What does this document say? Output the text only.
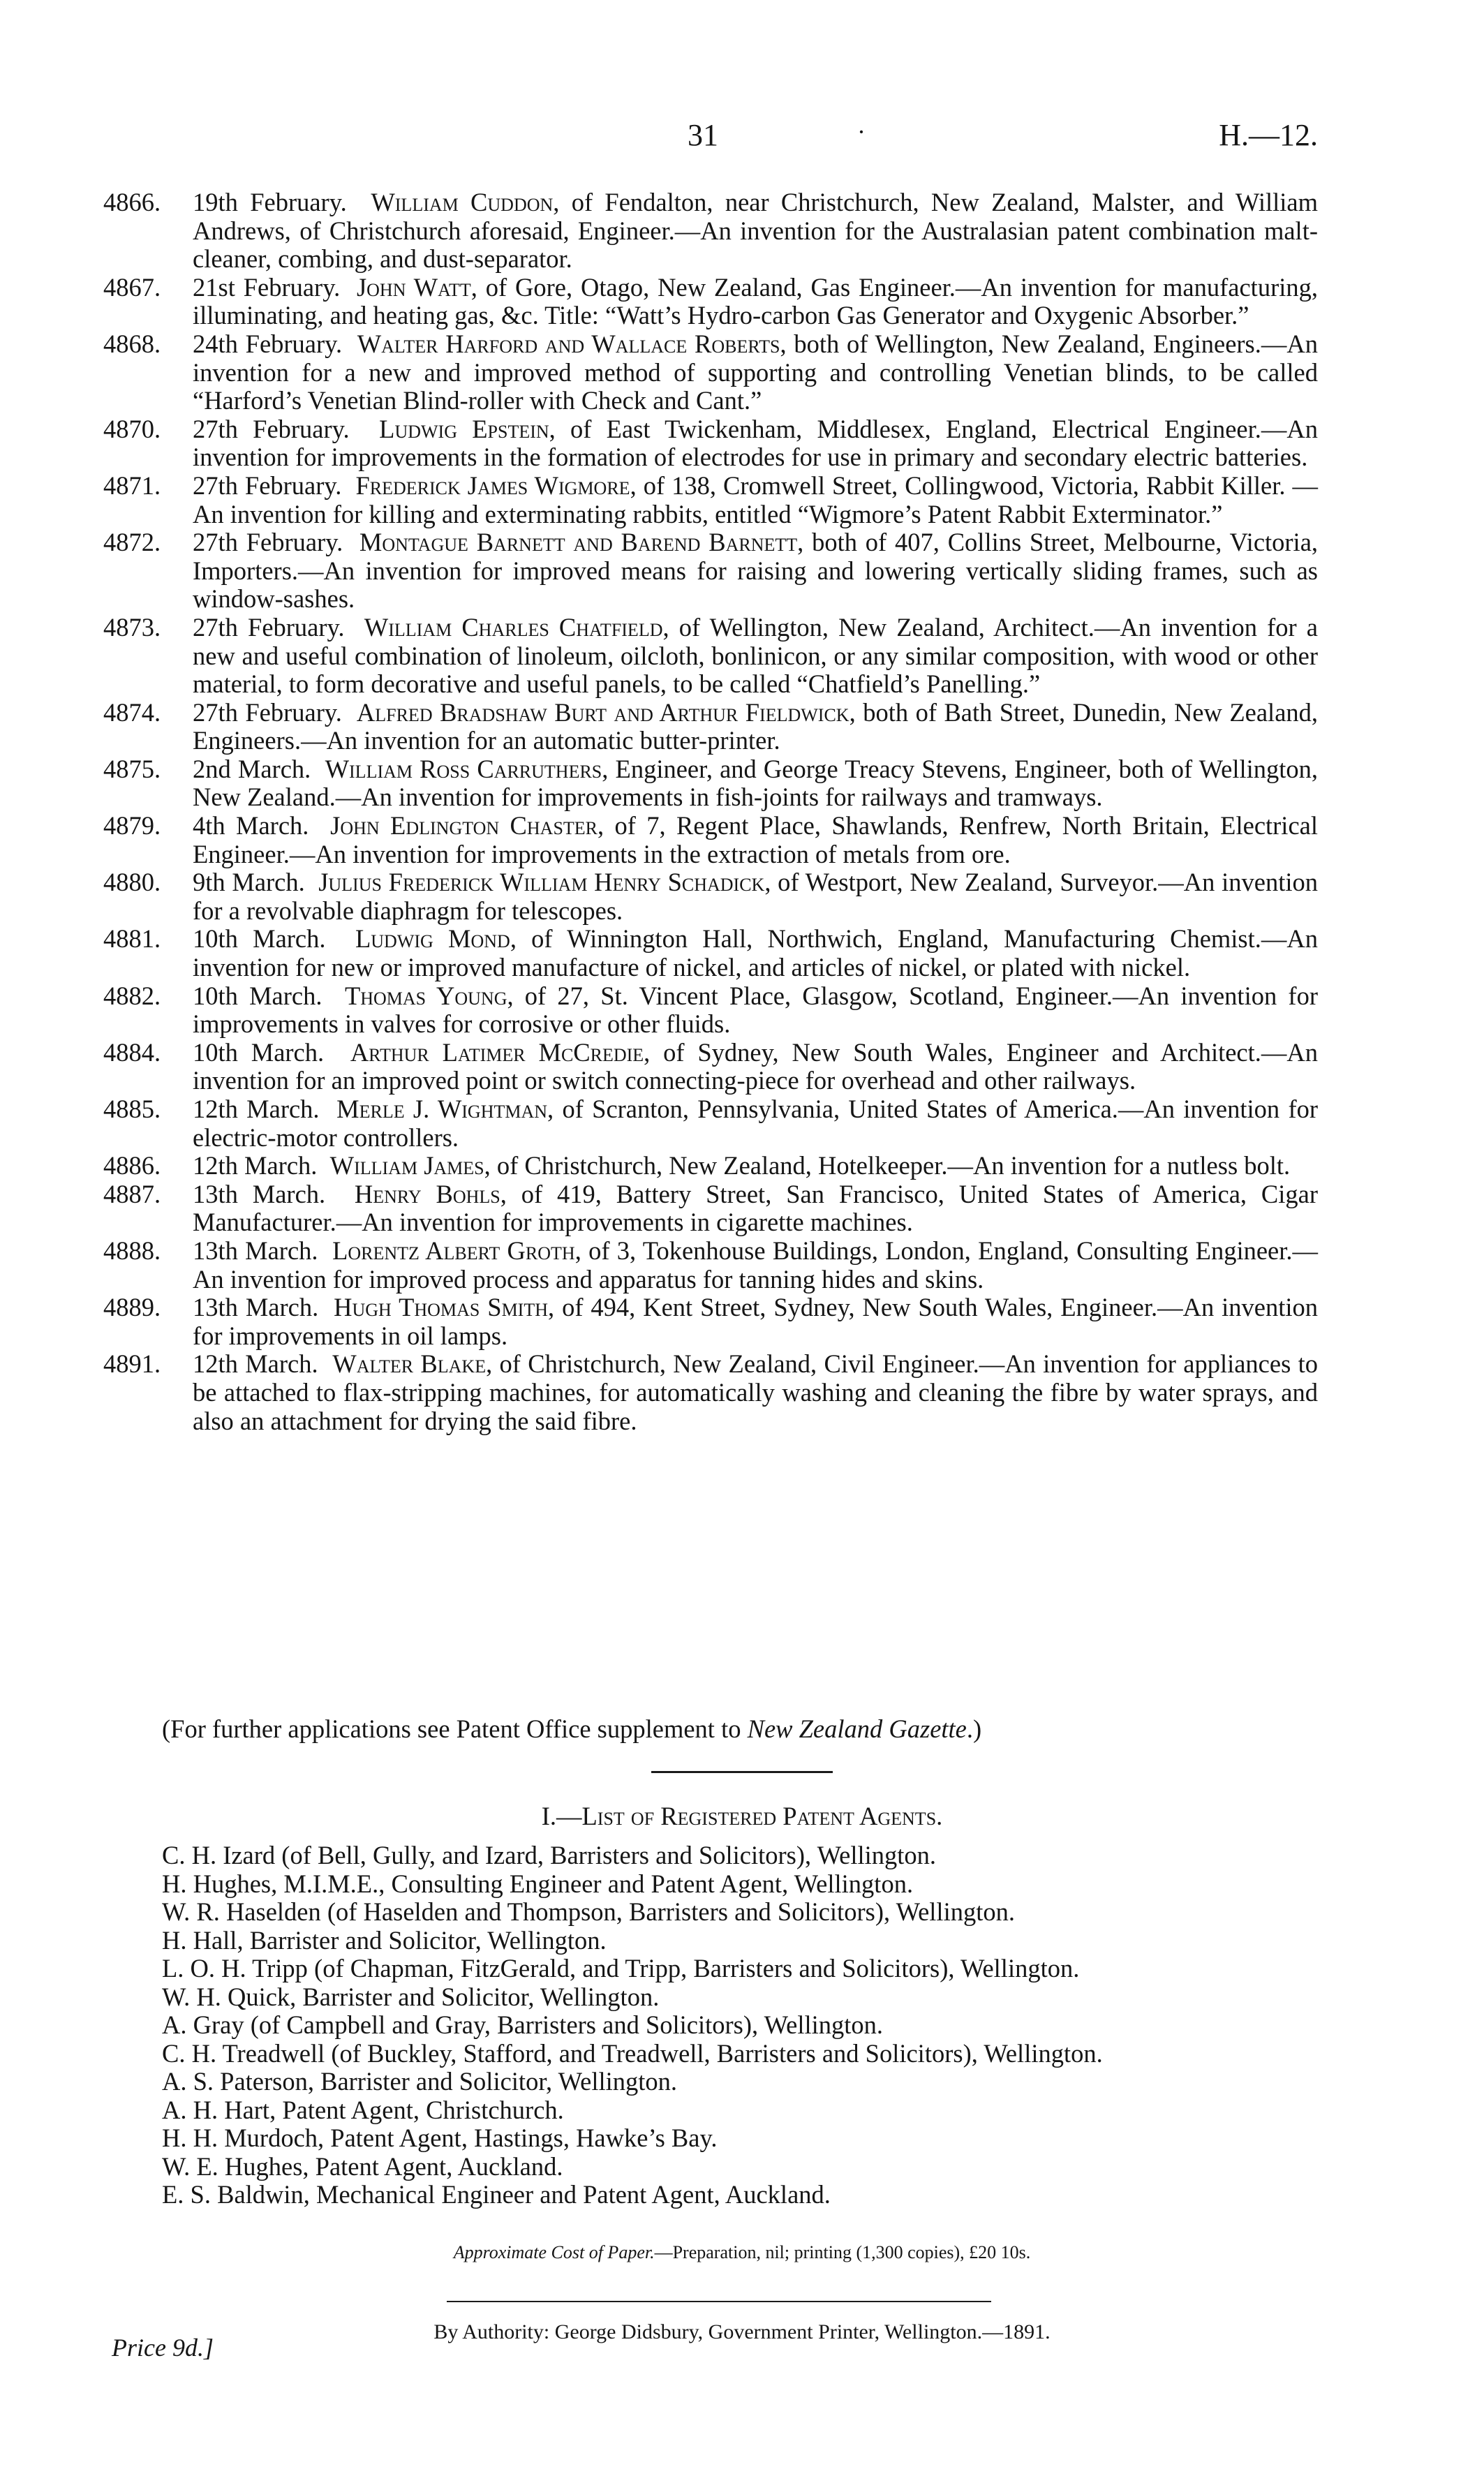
31	·	H.—12.
4866. 19th February. William Cuddon, of Fendalton, near Christchurch, New Zealand, Malster, and William Andrews, of Christchurch aforesaid, Engineer.—An invention for the Australasian patent combination malt-cleaner, combing, and dust-separator.
4867. 21st February. John Watt, of Gore, Otago, New Zealand, Gas Engineer.—An invention for manufacturing, illuminating, and heating gas, &c. Title: “Watt’s Hydro-carbon Gas Generator and Oxygenic Absorber.”
4868. 24th February. Walter Harford and Wallace Roberts, both of Wellington, New Zealand, Engineers.—An invention for a new and improved method of supporting and controlling Venetian blinds, to be called “Harford’s Venetian Blind-roller with Check and Cant.”
4870. 27th February. Ludwig Epstein, of East Twickenham, Middlesex, England, Electrical Engineer.—An invention for improvements in the formation of electrodes for use in primary and secondary electric batteries.
4871. 27th February. Frederick James Wigmore, of 138, Cromwell Street, Collingwood, Victoria, Rabbit Killer. —An invention for killing and exterminating rabbits, entitled “Wigmore’s Patent Rabbit Exterminator.”
4872. 27th February. Montague Barnett and Barend Barnett, both of 407, Collins Street, Melbourne, Victoria, Importers.—An invention for improved means for raising and lowering vertically sliding frames, such as window-sashes.
4873. 27th February. William Charles Chatfield, of Wellington, New Zealand, Architect.—An invention for a new and useful combination of linoleum, oilcloth, bonlinicon, or any similar composition, with wood or other material, to form decorative and useful panels, to be called “Chatfield’s Panelling.”
4874. 27th February. Alfred Bradshaw Burt and Arthur Fieldwick, both of Bath Street, Dunedin, New Zealand, Engineers.—An invention for an automatic butter-printer.
4875. 2nd March. William Ross Carruthers, Engineer, and George Treacy Stevens, Engineer, both of Wellington, New Zealand.—An invention for improvements in fish-joints for railways and tramways.
4879. 4th March. John Edlington Chaster, of 7, Regent Place, Shawlands, Renfrew, North Britain, Electrical Engineer.—An invention for improvements in the extraction of metals from ore.
4880. 9th March. Julius Frederick William Henry Schadick, of Westport, New Zealand, Surveyor.—An invention for a revolvable diaphragm for telescopes.
4881. 10th March. Ludwig Mond, of Winnington Hall, Northwich, England, Manufacturing Chemist.—An invention for new or improved manufacture of nickel, and articles of nickel, or plated with nickel.
4882. 10th March. Thomas Young, of 27, St. Vincent Place, Glasgow, Scotland, Engineer.—An invention for improvements in valves for corrosive or other fluids.
4884. 10th March. Arthur Latimer McCredie, of Sydney, New South Wales, Engineer and Architect.—An invention for an improved point or switch connecting-piece for overhead and other railways.
4885. 12th March. Merle J. Wightman, of Scranton, Pennsylvania, United States of America.—An invention for electric-motor controllers.
4886. 12th March. William James, of Christchurch, New Zealand, Hotelkeeper.—An invention for a nutless bolt.
4887. 13th March. Henry Bohls, of 419, Battery Street, San Francisco, United States of America, Cigar Manufacturer.—An invention for improvements in cigarette machines.
4888. 13th March. Lorentz Albert Groth, of 3, Tokenhouse Buildings, London, England, Consulting Engineer.—An invention for improved process and apparatus for tanning hides and skins.
4889. 13th March. Hugh Thomas Smith, of 494, Kent Street, Sydney, New South Wales, Engineer.—An invention for improvements in oil lamps.
4891. 12th March. Walter Blake, of Christchurch, New Zealand, Civil Engineer.—An invention for appliances to be attached to flax-stripping machines, for automatically washing and cleaning the fibre by water sprays, and also an attachment for drying the said fibre.
(For further applications see Patent Office supplement to New Zealand Gazette.)
I.—List of Registered Patent Agents.
C. H. Izard (of Bell, Gully, and Izard, Barristers and Solicitors), Wellington.
H. Hughes, M.I.M.E., Consulting Engineer and Patent Agent, Wellington.
W. R. Haselden (of Haselden and Thompson, Barristers and Solicitors), Wellington.
H. Hall, Barrister and Solicitor, Wellington.
L. O. H. Tripp (of Chapman, FitzGerald, and Tripp, Barristers and Solicitors), Wellington.
W. H. Quick, Barrister and Solicitor, Wellington.
A. Gray (of Campbell and Gray, Barristers and Solicitors), Wellington.
C. H. Treadwell (of Buckley, Stafford, and Treadwell, Barristers and Solicitors), Wellington.
A. S. Paterson, Barrister and Solicitor, Wellington.
A. H. Hart, Patent Agent, Christchurch.
H. H. Murdoch, Patent Agent, Hastings, Hawke’s Bay.
W. E. Hughes, Patent Agent, Auckland.
E. S. Baldwin, Mechanical Engineer and Patent Agent, Auckland.
Approximate Cost of Paper.—Preparation, nil; printing (1,300 copies), £20 10s.
By Authority: George Didsbury, Government Printer, Wellington.—1891.
Price 9d.]
